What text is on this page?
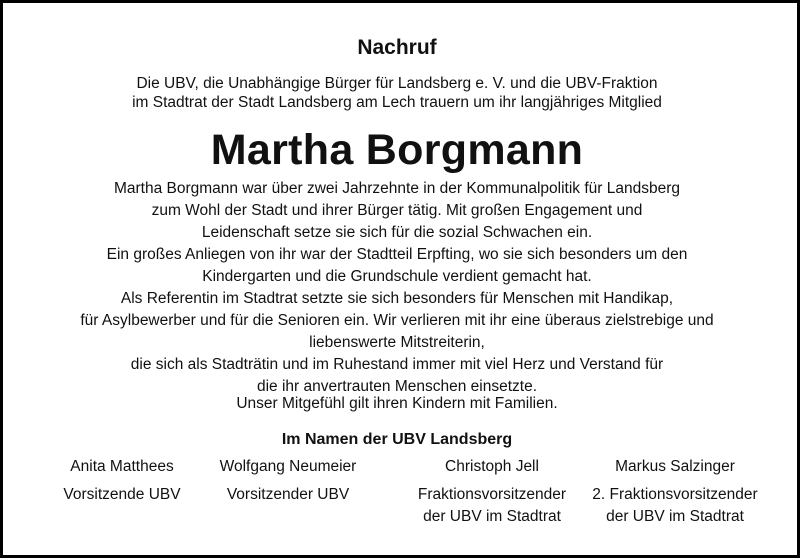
Nachruf
Die UBV, die Unabhängige Bürger für Landsberg e. V. und die UBV-Fraktion
im Stadtrat der Stadt Landsberg am Lech trauern um ihr langjähriges Mitglied
Martha Borgmann
Martha Borgmann war über zwei Jahrzehnte in der Kommunalpolitik für Landsberg
zum Wohl der Stadt und ihrer Bürger tätig. Mit großen Engagement und
Leidenschaft setze sie sich für die sozial Schwachen ein.
Ein großes Anliegen von ihr war der Stadtteil Erpfting, wo sie sich besonders um den
Kindergarten und die Grundschule verdient gemacht hat.
Als Referentin im Stadtrat setzte sie sich besonders für Menschen mit Handikap,
für Asylbewerber und für die Senioren ein. Wir verlieren mit ihr eine überaus zielstrebige und
liebenswerte Mitstreiterin,
die sich als Stadträtin und im Ruhestand immer mit viel Herz und Verstand für
die ihr anvertrauten Menschen einsetzte.
Unser Mitgefühl gilt ihren Kindern mit Familien.
Im Namen der UBV Landsberg
Anita Matthees
Vorsitzende UBV
Wolfgang Neumeier
Vorsitzender UBV
Christoph Jell
Fraktionsvorsitzender
der UBV im Stadtrat
Markus Salzinger
2. Fraktionsvorsitzender
der UBV im Stadtrat
